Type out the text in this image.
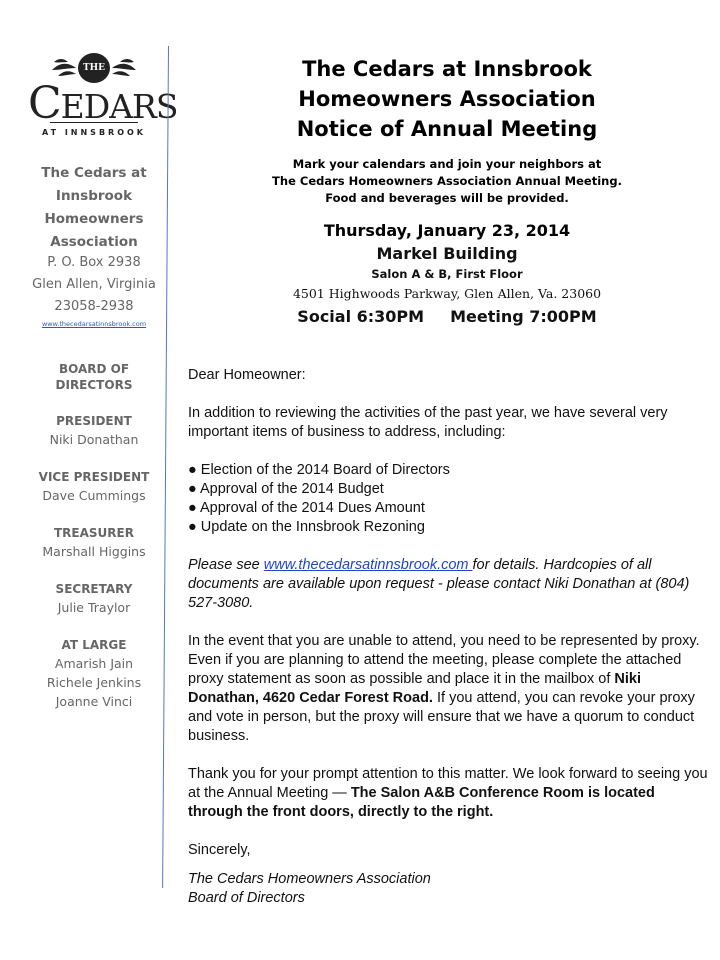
THE
CEDARS
AT INNSBROOK
The Cedars at
Innsbrook
Homeowners
Association
P. O. Box 2938
Glen Allen, Virginia
23058-2938
www.thecedarsatinnsbrook.com
BOARD OF DIRECTORS
PRESIDENT
Niki Donathan
VICE PRESIDENT
Dave Cummings
TREASURER
Marshall Higgins
SECRETARY
Julie Traylor
AT LARGE
Amarish Jain
Richele Jenkins
Joanne Vinci
The Cedars at Innsbrook
Homeowners Association
Notice of Annual Meeting
Mark your calendars and join your neighbors at
The Cedars Homeowners Association Annual Meeting.
Food and beverages will be provided.
Thursday, January 23, 2014
Markel Building
Salon A & B, First Floor
4501 Highwoods Parkway, Glen Allen, Va. 23060
Social 6:30PM Meeting 7:00PM

Dear Homeowner:

In addition to reviewing the activities of the past year, we have several very important items of business to address, including:

● Election of the 2014 Board of Directors
● Approval of the 2014 Budget
● Approval of the 2014 Dues Amount
● Update on the Innsbrook Rezoning

Please see www.thecedarsatinnsbrook.com for details. Hardcopies of all documents are available upon request - please contact Niki Donathan at (804) 527-3080.

In the event that you are unable to attend, you need to be represented by proxy. Even if you are planning to attend the meeting, please complete the attached proxy statement as soon as possible and place it in the mailbox of Niki Donathan, 4620 Cedar Forest Road. If you attend, you can revoke your proxy and vote in person, but the proxy will ensure that we have a quorum to conduct business.

Thank you for your prompt attention to this matter. We look forward to seeing you at the Annual Meeting — The Salon A&B Conference Room is located through the front doors, directly to the right.

Sincerely,
The Cedars Homeowners Association
Board of Directors
